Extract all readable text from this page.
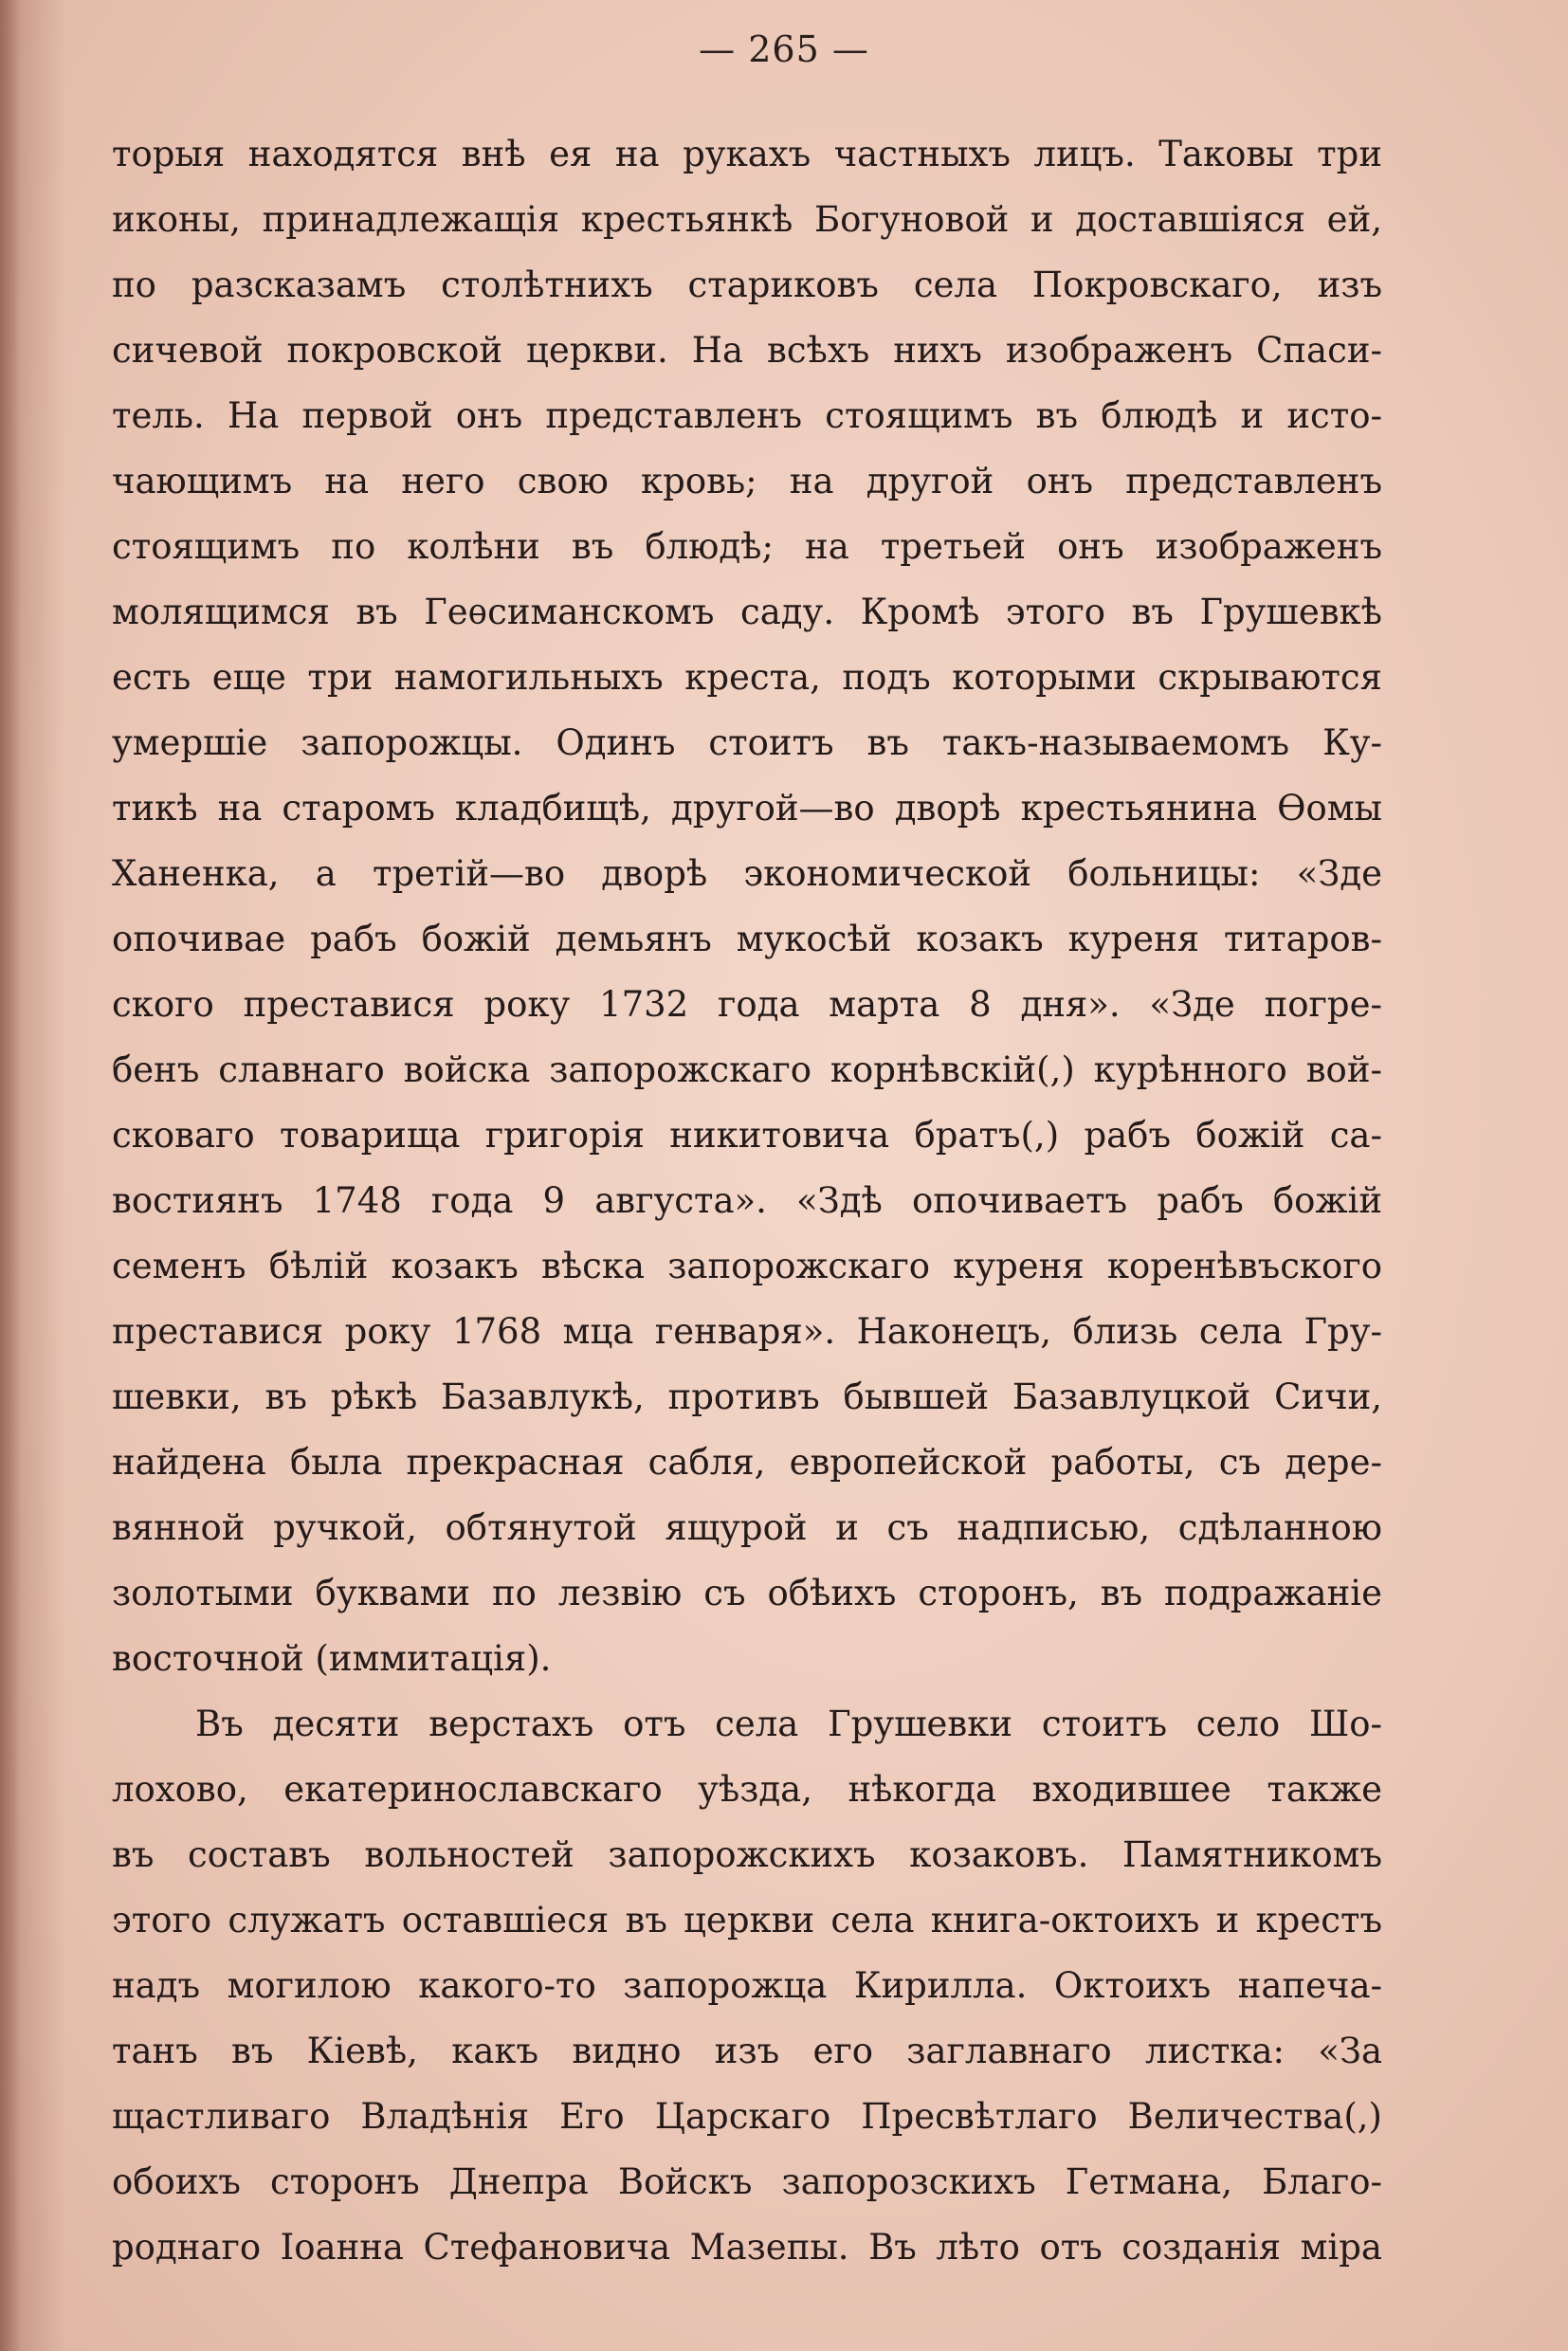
— 265 —
торыя находятся внѣ ея на рукахъ частныхъ лицъ. Таковы три
иконы, принадлежащія крестьянкѣ Богуновой и доставшіяся ей,
по разсказамъ столѣтнихъ стариковъ села Покровскаго, изъ
сичевой покровской церкви. На всѣхъ нихъ изображенъ Спаси-
тель. На первой онъ представленъ стоящимъ въ блюдѣ и исто-
чающимъ на него свою кровь; на другой онъ представленъ
стоящимъ по колѣни въ блюдѣ; на третьей онъ изображенъ
молящимся въ Геѳсиманскомъ саду. Кромѣ этого въ Грушевкѣ
есть еще три намогильныхъ креста, подъ которыми скрываются
умершіе запорожцы. Одинъ стоитъ въ такъ-называемомъ Ку-
тикѣ на старомъ кладбищѣ, другой—во дворѣ крестьянина Ѳомы
Ханенка, а третій—во дворѣ экономической больницы: «Зде
опочивае рабъ божій демьянъ мукосѣй козакъ куреня титаров-
ского преставися року 1732 года марта 8 дня». «Зде погре-
бенъ славнаго войска запорожскаго корнѣвскій(,) курѣнного вой-
сковаго товарища григорія никитовича братъ(,) рабъ божій са-
востиянъ 1748 года 9 августа». «Здѣ опочиваетъ рабъ божій
семенъ бѣлій козакъ вѣска запорожскаго куреня коренѣвъского
преставися року 1768 мца генваря». Наконецъ, близь села Гру-
шевки, въ рѣкѣ Базавлукѣ, противъ бывшей Базавлуцкой Сичи,
найдена была прекрасная сабля, европейской работы, съ дере-
вянной ручкой, обтянутой ящурой и съ надписью, сдѣланною
золотыми буквами по лезвію съ обѣихъ сторонъ, въ подражаніе
восточной (иммитація).
Въ десяти верстахъ отъ села Грушевки стоитъ село Шо-
лохово, екатеринославскаго уѣзда, нѣкогда входившее также
въ составъ вольностей запорожскихъ козаковъ. Памятникомъ
этого служатъ оставшіеся въ церкви села книга-октоихъ и крестъ
надъ могилою какого-то запорожца Кирилла. Октоихъ напеча-
танъ въ Кіевѣ, какъ видно изъ его заглавнаго листка: «За
щастливаго Владѣнія Его Царскаго Пресвѣтлаго Величества(,)
обоихъ сторонъ Днепра Войскъ запорозскихъ Гетмана, Благо-
роднаго Іоанна Стефановича Мазепы. Въ лѣто отъ созданія міра
